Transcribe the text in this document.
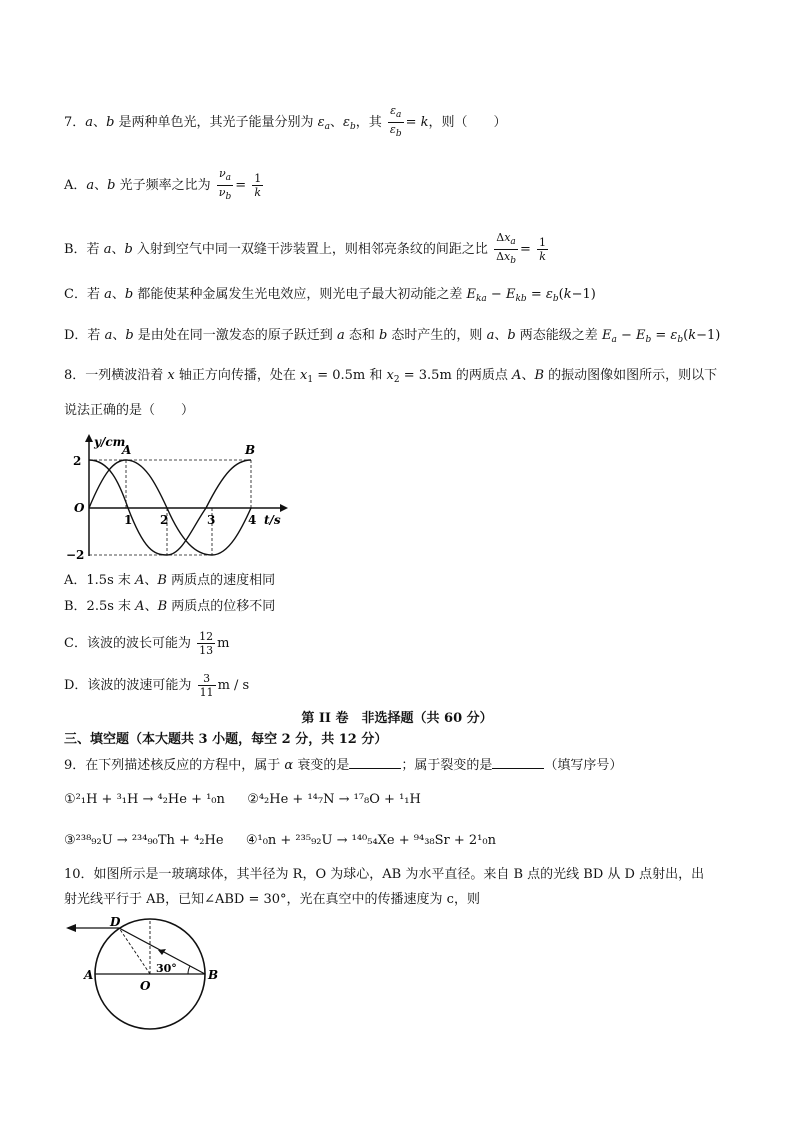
7．a、b 是两种单色光，其光子能量分别为 $\varepsilon_a$、$\varepsilon_b$，其 $\frac{\varepsilon_a}{\varepsilon_b} = k$，则（　　）
A．a、b 光子频率之比为 $\frac{\nu_a}{\nu_b} = \frac{1}{k}$
B．若 a、b 入射到空气中同一双缝干涉装置上，则相邻亮条纹的间距之比 $\frac{\Delta x_a}{\Delta x_b} = \frac{1}{k}$
C．若 a、b 都能使某种金属发生光电效应，则光电子最大初动能之差 $E_{ka} - E_{kb} = \varepsilon_b(k-1)$
D．若 a、b 是由处在同一激发态的原子跃迁到 a 态和 b 态时产生的，则 a、b 两态能级之差 $E_a - E_b = \varepsilon_b(k-1)$
8．一列横波沿着 x 轴正方向传播，处在 $x_1 = 0.5m$ 和 $x_2 = 3.5m$ 的两质点 A、B 的振动图像如图所示，则以下
说法正确的是（　　）
y/cm
t/s
2
O
−2
1 2	3	4
A	B
A．1.5s 末 A、B 两质点的速度相同
B．2.5s 末 A、B 两质点的位移不同
C．该波的波长可能为 $\frac{12}{13}$ m
D．该波的波速可能为 $\frac{3}{11}$ m / s
第 II 卷　非选择题（共 60 分）
三、填空题（本大题共 3 小题，每空 2 分，共 12 分）
9．在下列描述核反应的方程中，属于 α 衰变的是	；属于裂变的是	（填写序号）
①²₁H + ³₁H → ⁴₂He + ¹₀n ②⁴₂He + ¹⁴₇N → ¹⁷₈O + ¹₁H
③²³⁸₉₂U → ²³⁴₉₀Th + ⁴₂He ④¹₀n + ²³⁵₉₂U → ¹⁴⁰₅₄Xe + ⁹⁴₃₈Sr + 2¹₀n
10．如图所示是一玻璃球体，其半径为 R，O 为球心，AB 为水平直径。来自 B 点的光线 BD 从 D 点射出，出
射光线平行于 AB，已知∠ABD = 30°，光在真空中的传播速度为 c，则
D
A
O
B
30°
